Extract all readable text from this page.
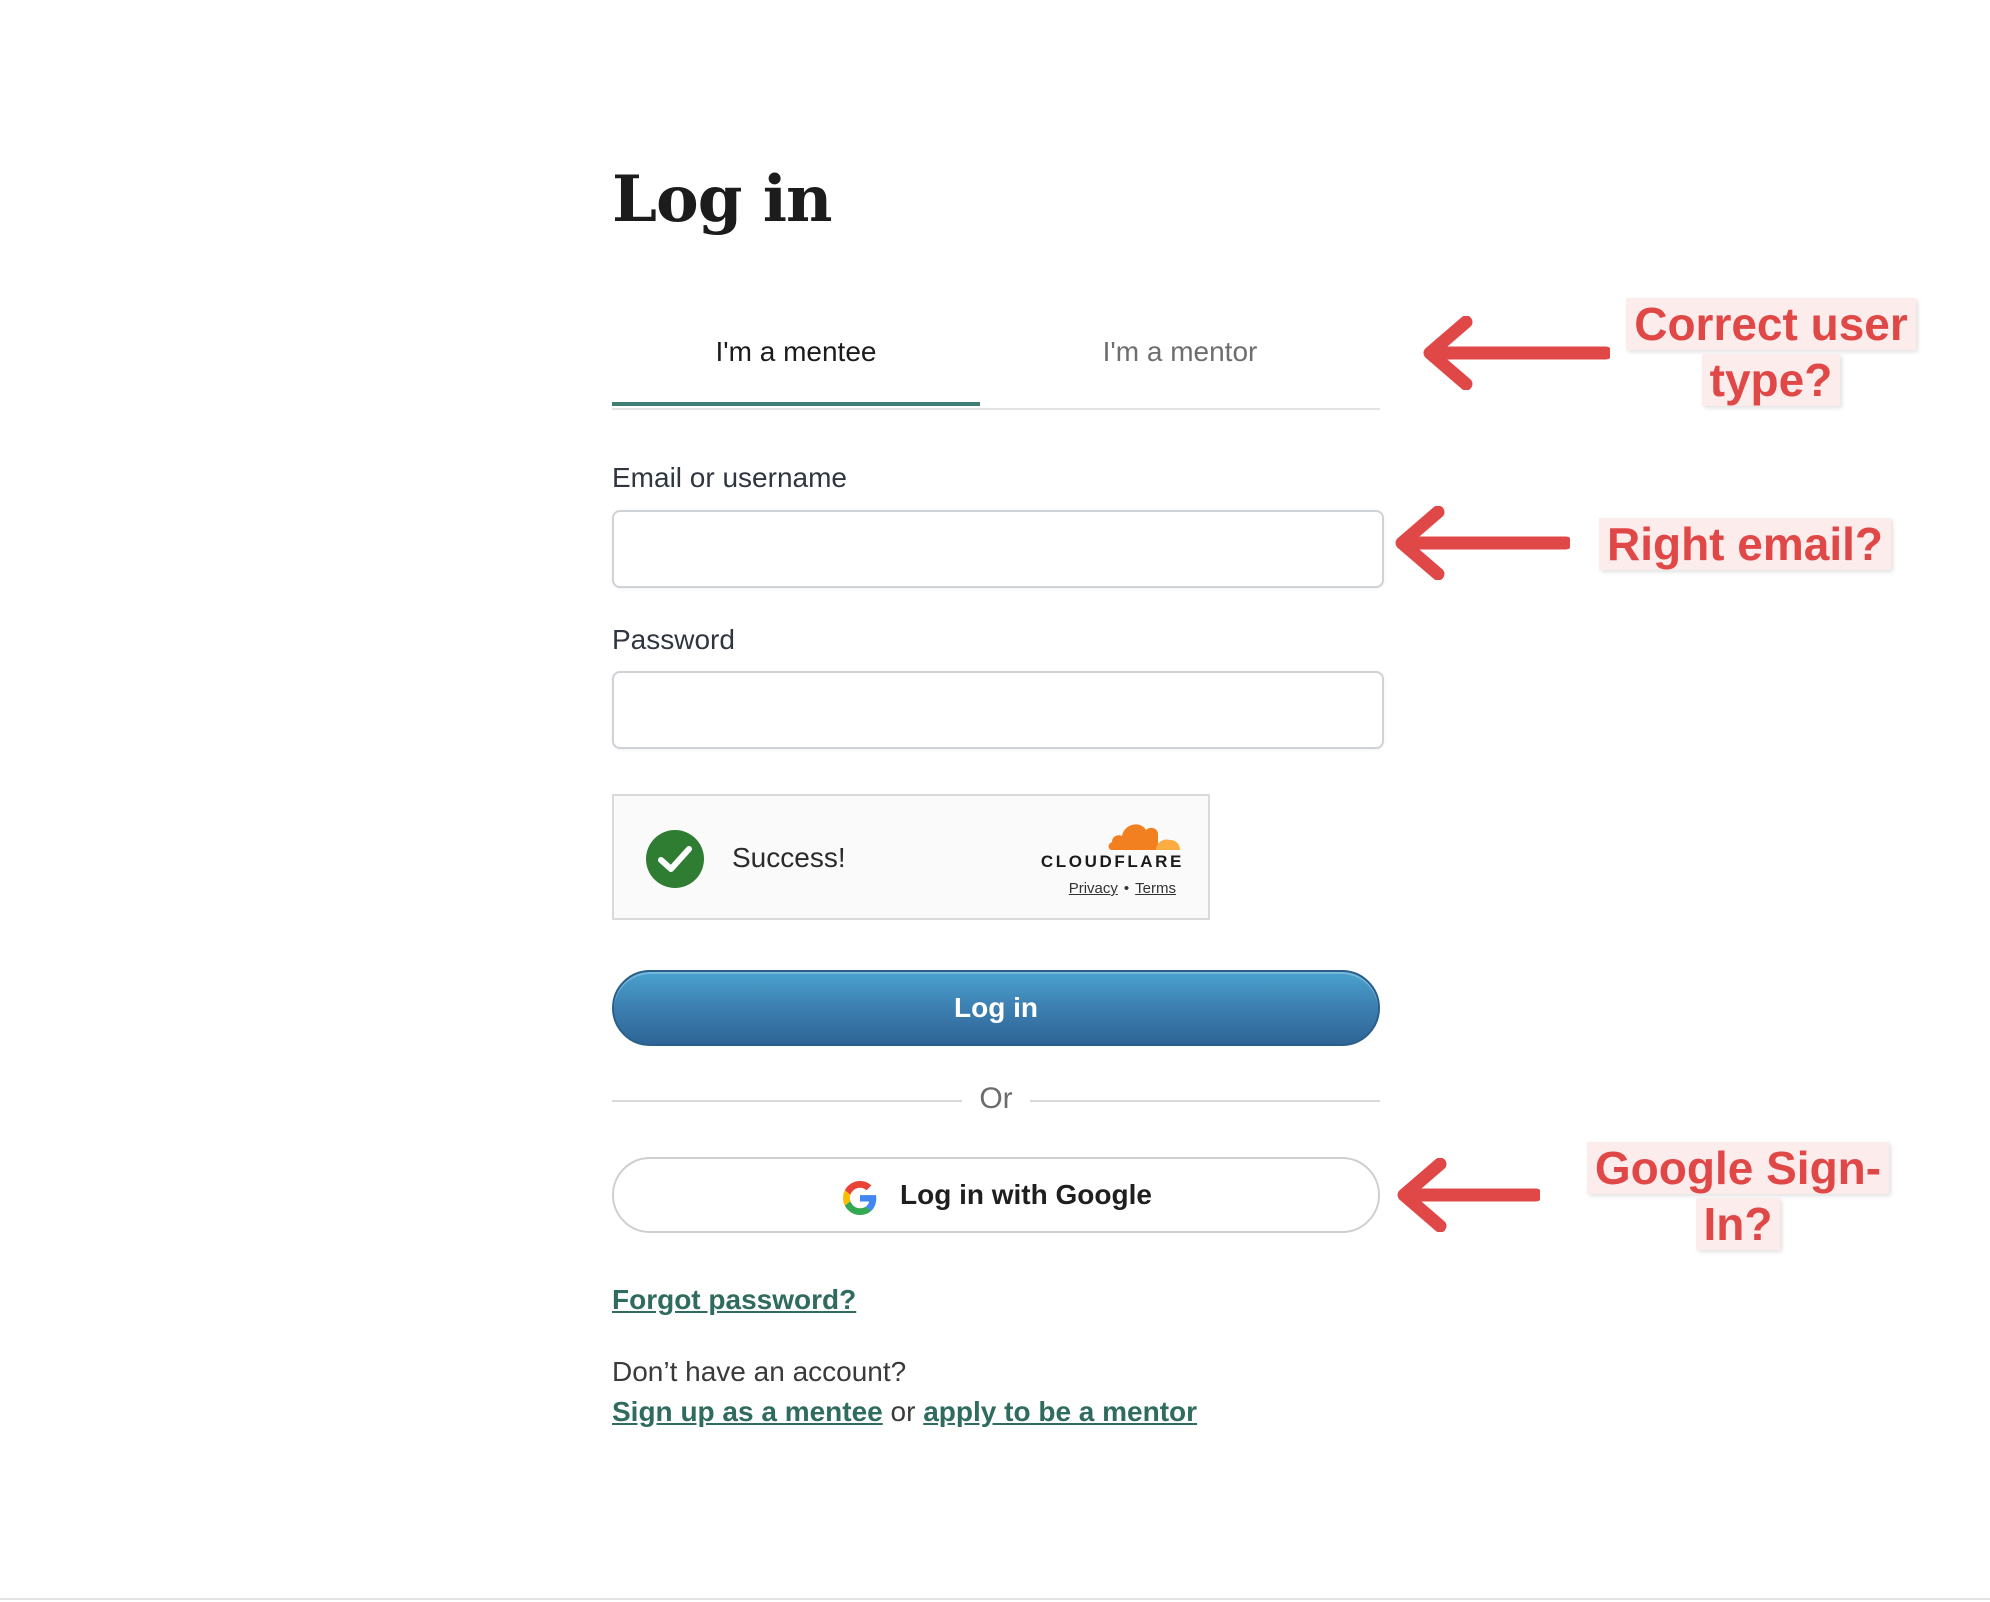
Log in
I'm a mentee	I'm a mentor
Email or username
Password
Success!	CLOUDFLARE
Privacy • Terms
Log in
Or
Log in with Google
Forgot password?
Don’t have an account?
Sign up as a mentee or apply to be a mentor
Correct user
type?
Right email?
Google Sign-
In?
